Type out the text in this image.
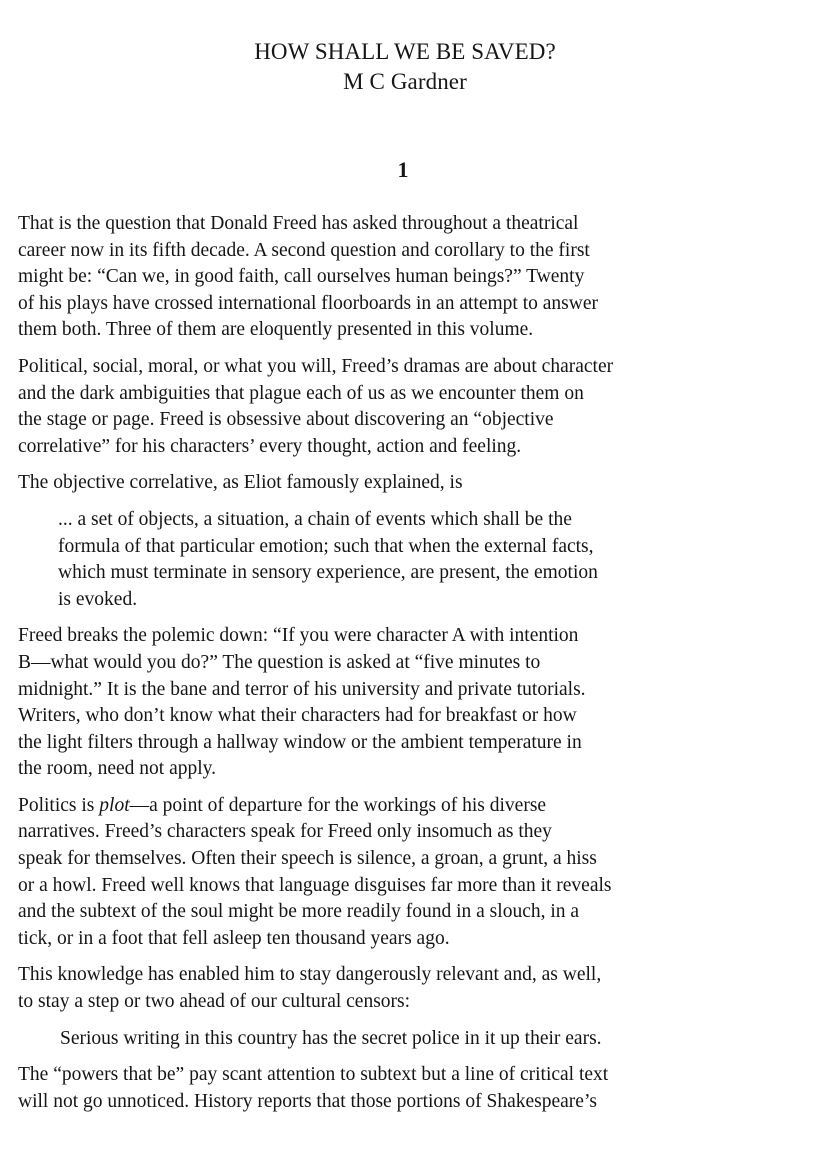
HOW SHALL WE BE SAVED?
M C Gardner
1

That is the question that Donald Freed has asked throughout a theatrical
career now in its fifth decade. A second question and corollary to the first
might be: “Can we, in good faith, call ourselves human beings?” Twenty
of his plays have crossed international floorboards in an attempt to answer
them both. Three of them are eloquently presented in this volume.

Political, social, moral, or what you will, Freed’s dramas are about character
and the dark ambiguities that plague each of us as we encounter them on
the stage or page. Freed is obsessive about discovering an “objective
correlative” for his characters’ every thought, action and feeling.

The objective correlative, as Eliot famously explained, is

... a set of objects, a situation, a chain of events which shall be the
formula of that particular emotion; such that when the external facts,
which must terminate in sensory experience, are present, the emotion
is evoked.

Freed breaks the polemic down: “If you were character A with intention
B—what would you do?” The question is asked at “five minutes to
midnight.” It is the bane and terror of his university and private tutorials.
Writers, who don’t know what their characters had for breakfast or how
the light filters through a hallway window or the ambient temperature in
the room, need not apply.

Politics is plot—a point of departure for the workings of his diverse
narratives. Freed’s characters speak for Freed only insomuch as they
speak for themselves. Often their speech is silence, a groan, a grunt, a hiss
or a howl. Freed well knows that language disguises far more than it reveals
and the subtext of the soul might be more readily found in a slouch, in a
tick, or in a foot that fell asleep ten thousand years ago.

This knowledge has enabled him to stay dangerously relevant and, as well,
to stay a step or two ahead of our cultural censors:

Serious writing in this country has the secret police in it up their ears.

The “powers that be” pay scant attention to subtext but a line of critical text
will not go unnoticed. History reports that those portions of Shakespeare’s
